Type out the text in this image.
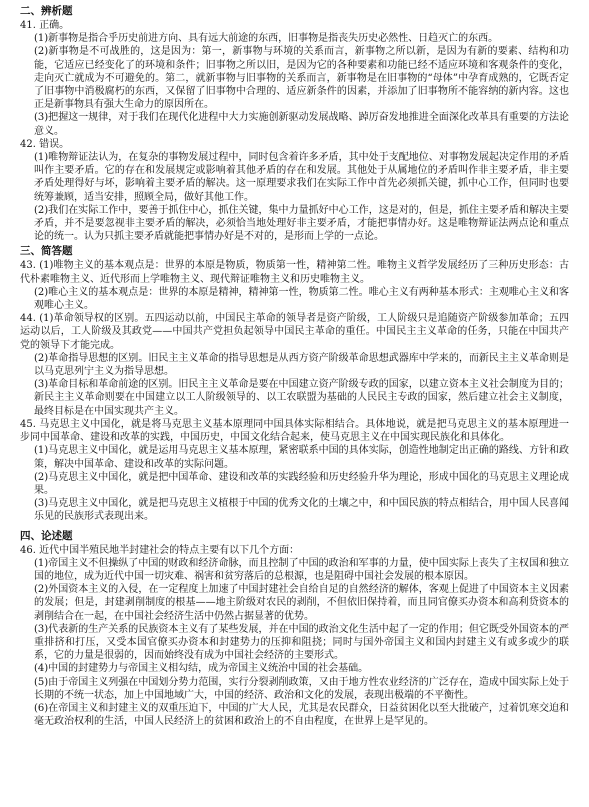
二、辨析题

41. 正确。

(1)新事物是指合乎历史前进方向、具有远大前途的东西，旧事物是指丧失历史必然性、日趋灭亡的东西。

(2)新事物是不可战胜的，这是因为：第一，新事物与环境的关系而言，新事物之所以新，是因为有新的要素、结构和功能，它适应已经变化了的环境和条件；旧事物之所以旧，是因为它的各种要素和功能已经不适应环境和客观条件的变化，走向灭亡就成为不可避免的。第二，就新事物与旧事物的关系而言，新事物是在旧事物的“母体”中孕育成熟的，它既否定了旧事物中消极腐朽的东西，又保留了旧事物中合理的、适应新条件的因素，并添加了旧事物所不能容纳的新内容。这也正是新事物具有强大生命力的原因所在。

(3)把握这一规律，对于我们在现代化进程中大力实施创新驱动发展战略、踔厉奋发地推进全面深化改革具有重要的方法论意义。

42. 错误。

(1)唯物辩证法认为，在复杂的事物发展过程中，同时包含着许多矛盾，其中处于支配地位、对事物发展起决定作用的矛盾叫作主要矛盾。它的存在和发展规定或影响着其他矛盾的存在和发展。其他处于从属地位的矛盾叫作非主要矛盾，非主要矛盾处理得好与坏，影响着主要矛盾的解决。这一原理要求我们在实际工作中首先必须抓关键，抓中心工作，但同时也要统筹兼顾，适当安排，照顾全局，做好其他工作。

(2)我们在实际工作中，要善于抓住中心，抓住关键，集中力量抓好中心工作，这是对的，但是，抓住主要矛盾和解决主要矛盾，并不是要忽视非主要矛盾的解决，必须恰当地处理好非主要矛盾，才能把事情办好。这是唯物辩证法两点论和重点论的统一。认为只抓主要矛盾就能把事情办好是不对的，是形而上学的一点论。

三、简答题

43. (1)唯物主义的基本观点是：世界的本原是物质，物质第一性，精神第二性。唯物主义哲学发展经历了三种历史形态：古代朴素唯物主义、近代形而上学唯物主义、现代辩证唯物主义和历史唯物主义。

(2)唯心主义的基本观点是：世界的本原是精神，精神第一性，物质第二性。唯心主义有两种基本形式：主观唯心主义和客观唯心主义。

44. (1)革命领导权的区别。五四运动以前，中国民主革命的领导者是资产阶级，工人阶级只是追随资产阶级参加革命；五四运动以后，工人阶级及其政党——中国共产党担负起领导中国民主革命的重任。中国民主主义革命的任务，只能在中国共产党的领导下才能完成。

(2)革命指导思想的区别。旧民主主义革命的指导思想是从西方资产阶级革命思想武器库中学来的，而新民主主义革命则是以马克思列宁主义为指导思想。

(3)革命目标和革命前途的区别。旧民主主义革命是要在中国建立资产阶级专政的国家，以建立资本主义社会制度为目的；新民主主义革命则要在中国建立以工人阶级领导的、以工农联盟为基础的人民民主专政的国家，然后建立社会主义制度，最终目标是在中国实现共产主义。

45. 马克思主义中国化，就是将马克思主义基本原理同中国具体实际相结合。具体地说，就是把马克思主义的基本原理进一步同中国革命、建设和改革的实践，中国历史，中国文化结合起来，使马克思主义在中国实现民族化和具体化。

(1)马克思主义中国化，就是运用马克思主义基本原理，紧密联系中国的具体实际，创造性地制定出正确的路线、方针和政策，解决中国革命、建设和改革的实际问题。

(2)马克思主义中国化，就是把中国革命、建设和改革的实践经验和历史经验升华为理论，形成中国化的马克思主义理论成果。

(3)马克思主义中国化，就是把马克思主义植根于中国的优秀文化的土壤之中，和中国民族的特点相结合，用中国人民喜闻乐见的民族形式表现出来。

四、论述题

46. 近代中国半殖民地半封建社会的特点主要有以下几个方面：

(1)帝国主义不但操纵了中国的财政和经济命脉，而且控制了中国的政治和军事的力量，使中国实际上丧失了主权国和独立国的地位，成为近代中国一切灾难、祸害和贫穷落后的总根源，也是阻碍中国社会发展的根本原因。

(2)外国资本主义的入侵，在一定程度上加速了中国封建社会自给自足的自然经济的解体，客观上促进了中国资本主义因素的发展；但是，封建剥削制度的根基——地主阶级对农民的剥削，不但依旧保持着，而且同官僚买办资本和高利贷资本的剥削结合在一起，在中国社会经济生活中仍然占据显著的优势。

(3)代表新的生产关系的民族资本主义有了某些发展，并在中国的政治文化生活中起了一定的作用；但它既受外国资本的严重排挤和打压，又受本国官僚买办资本和封建势力的压抑和阻挠；同时与国外帝国主义和国内封建主义有或多或少的联系，它的力量是很弱的，因而始终没有成为中国社会经济的主要形式。

(4)中国的封建势力与帝国主义相勾结，成为帝国主义统治中国的社会基础。

(5)由于帝国主义列强在中国划分势力范围，实行分裂剥削政策，又由于地方性农业经济的广泛存在，造成中国实际上处于长期的不统一状态，加上中国地域广大，中国的经济、政治和文化的发展，表现出极端的不平衡性。

(6)在帝国主义和封建主义的双重压迫下，中国的广大人民，尤其是农民群众，日益贫困化以至大批破产，过着饥寒交迫和毫无政治权利的生活，中国人民经济上的贫困和政治上的不自由程度，在世界上是罕见的。
